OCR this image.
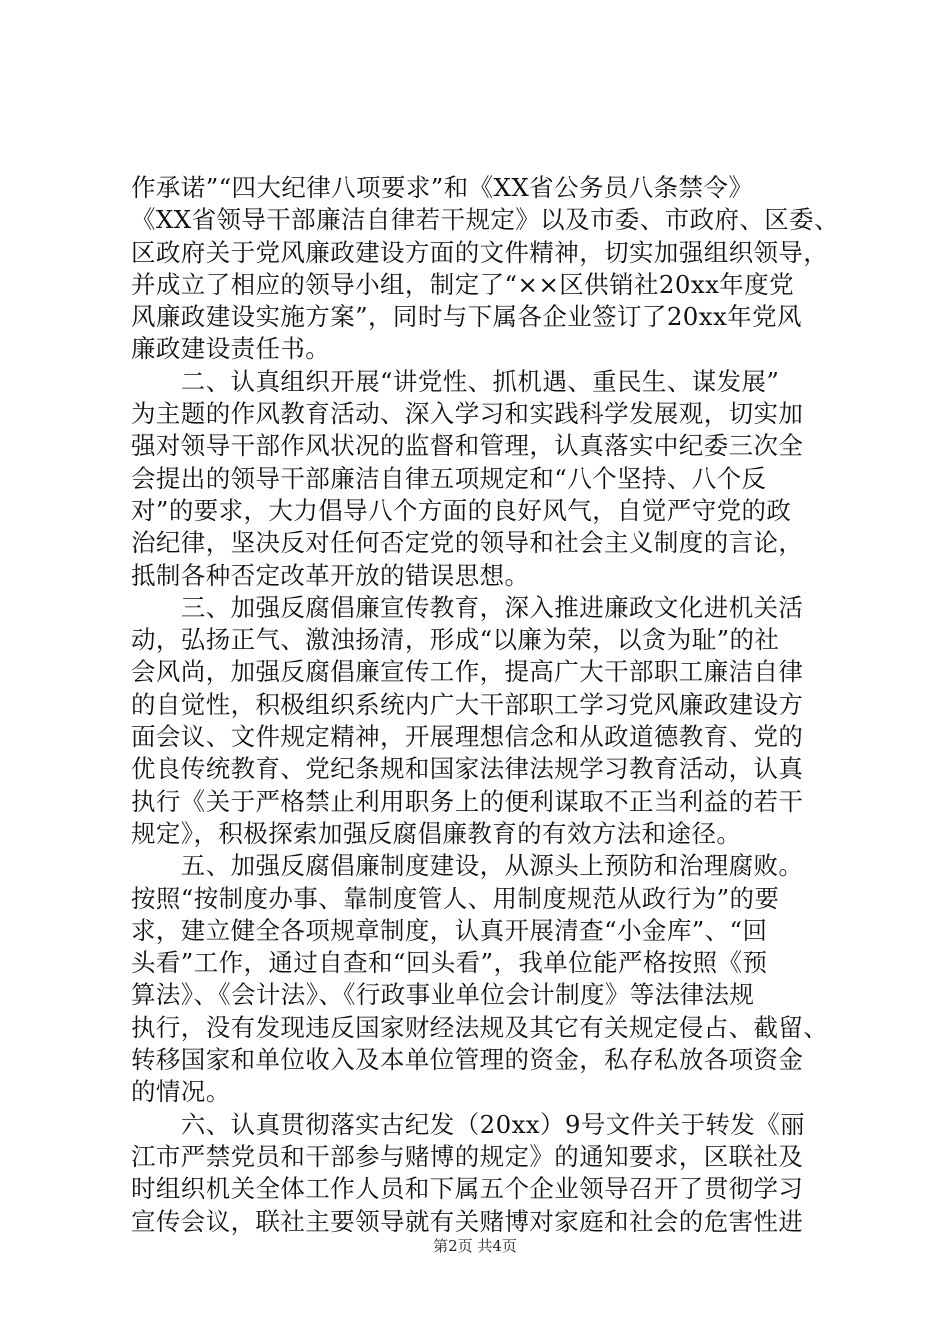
作承诺”“四大纪律八项要求”和《XX省公务员八条禁令》
《XX省领导干部廉洁自律若干规定》以及市委、市政府、区委、
区政府关于党风廉政建设方面的文件精神，切实加强组织领导，
并成立了相应的领导小组，制定了“××区供销社20xx年度党
风廉政建设实施方案”，同时与下属各企业签订了20xx年党风
廉政建设责任书。
　　二、认真组织开展“讲党性、抓机遇、重民生、谋发展”
为主题的作风教育活动、深入学习和实践科学发展观，切实加
强对领导干部作风状况的监督和管理，认真落实中纪委三次全
会提出的领导干部廉洁自律五项规定和“八个坚持、八个反
对”的要求，大力倡导八个方面的良好风气，自觉严守党的政
治纪律，坚决反对任何否定党的领导和社会主义制度的言论，
抵制各种否定改革开放的错误思想。
　　三、加强反腐倡廉宣传教育，深入推进廉政文化进机关活
动，弘扬正气、激浊扬清，形成“以廉为荣，以贪为耻”的社
会风尚，加强反腐倡廉宣传工作，提高广大干部职工廉洁自律
的自觉性，积极组织系统内广大干部职工学习党风廉政建设方
面会议、文件规定精神，开展理想信念和从政道德教育、党的
优良传统教育、党纪条规和国家法律法规学习教育活动，认真
执行《关于严格禁止利用职务上的便利谋取不正当利益的若干
规定》，积极探索加强反腐倡廉教育的有效方法和途径。
　　五、加强反腐倡廉制度建设，从源头上预防和治理腐败。
按照“按制度办事、靠制度管人、用制度规范从政行为”的要
求，建立健全各项规章制度，认真开展清查“小金库”、“回
头看”工作，通过自查和“回头看”，我单位能严格按照《预
算法》、《会计法》、《行政事业单位会计制度》等法律法规
执行，没有发现违反国家财经法规及其它有关规定侵占、截留、
转移国家和单位收入及本单位管理的资金，私存私放各项资金
的情况。
　　六、认真贯彻落实古纪发（20xx）9号文件关于转发《丽
江市严禁党员和干部参与赌博的规定》的通知要求，区联社及
时组织机关全体工作人员和下属五个企业领导召开了贯彻学习
宣传会议，联社主要领导就有关赌博对家庭和社会的危害性进
第2页 共4页
